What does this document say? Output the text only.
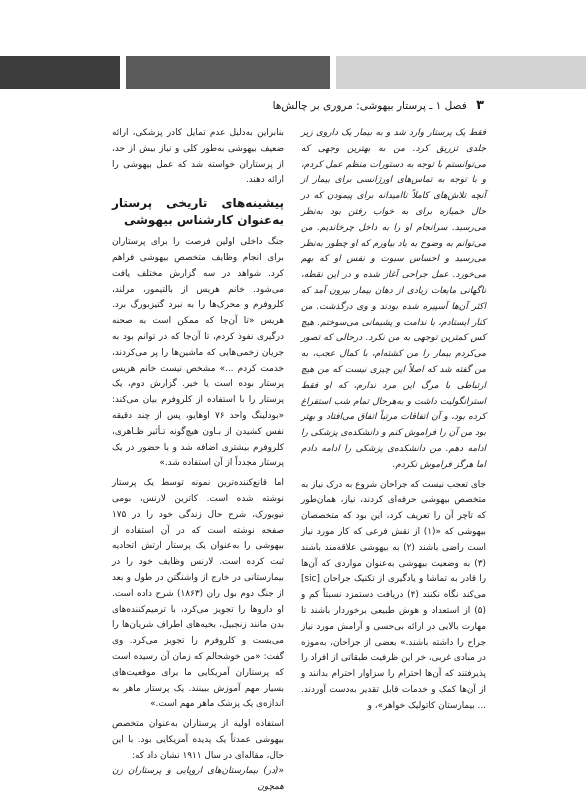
۳ فصل ۱ ـ پرستار بیهوشی: مروری بر چالش‌ها

فقط یک پرستار وارد شد و به بیمار یک داروی زیر جلدی تزریق کرد. من به بهترین وجهی که می‌توانستم با توجه به دستورات منظم عمل کردم، و با توجه به تماس‌های اورژانسی برای بیمار از آنچه تلاش‌های کاملاً ناامیدانه برای پیمودن که در حال خمیازه برای به خواب رفتن بود به‌نظر می‌رسید. سرانجام او را به داخل چرخاندیم. من می‌توانم به وضوح به یاد بیاورم که او چطور به‌نظر می‌رسید و احساس سبوت و نفس او که بهم می‌خورد. عمل جراحی آغاز شده و در این نقطه، ناگهانی مایعات زیادی از دهان بیمار بیرون آمد که اکثر آن‌ها آسپیره شده بودند و وی درگذشت. من کنار ایستادم، با ندامت و پشیمانی می‌سوختم. هیچ کس کمترین توجهی به من نکرد. درحالی که تصور می‌کردم بیمار را من کشته‌ام، با کمال عجب، به من گفته شد که اصلاً این چیزی نیست که من هیچ ارتباطی با مرگ این مرد ندارم، که او فقط استرانگولیت داشت و به‌هرحال تمام شب استفراغ کرده بود، و آن اتفاقات مرتباً اتفاق می‌افتاد و بهتر بود من آن را فراموش کنم و دانشکده‌ی پزشکی را ادامه دهم. من دانشکده‌ی پزشکی را ادامه دادم اما هرگز فراموش نکردم.

جای تعجب نیست که جراحان شروع به درک نیاز به متخصص بیهوشی حرفه‌ای کردند، نیاز، همان‌طور که تاچر آن را تعریف کرد، این بود که متخصصان بیهوشی که «(۱) از نقش فرعی که کار مورد نیاز است راضی باشند (۲) به بیهوشی علاقه‌مند باشند (۳) به وضعیت بیهوشی به‌عنوان مواردی که آن‌ها را قادر به تماشا و یادگیری از تکنیک جراحان [sic] می‌کند نگاه نکنند (۴) دریافت دستمزد نسبتاً کم و (۵) از استعداد و هوش طبیعی برخوردار باشند تا مهارت بالایی در ارائه بی‌حسی و آرامش مورد نیاز جراح را داشته باشند.» بعضی از جراحان، به‌موزه در مبادی غربی، خر این ظرفیت طبقاتی از افراد را پذیرفتند که آن‌ها احترام را سزاوار احترام بدانند و از آن‌ها کمک و خدمات قابل تقدیر به‌دست آوردند. ... بیمارستان کاتولیک خواهر»، و

بنابراین به‌دلیل عدم تمایل کادر پزشکی، ارائه ضعیف بیهوشی به‌طور کلی و نیاز بیش از حد، از پرستاران خواسته شد که عمل بیهوشی را ارائه دهند.

پیشینه‌های تاریخی پرستار به‌عنوان کارشناس بیهوشی

جنگ داخلی اولین فرصت را برای پرستاران برای انجام وظایف متخصص بیهوشی فراهم کرد. شواهد در سه گزارش مختلف یافت می‌شود. خانم هریس از بالتیمور، مرلند، کلروفرم و محرک‌ها را به نبرد گتیزبورگ برد. هریس «تا آن‌جا که ممکن است به صحنه درگیری نفوذ کردم، تا آن‌جا که در توانم بود به جریان زخمی‌هایی که ماشین‌ها را پر می‌کردند، خدمت کردم ...» مشخص نیست خانم هریس پرستار بوده است یا خیر. گزارش دوم، یک پرستار را با استفاده از کلروفرم بیان می‌کند: «بودلینگ واحد ۷۶ اوهایو، پس از چند دقیقه نفس کشیدن از بـاون هیچ‌گونه تـأثیر ظـاهری، کلروفرم بیشتری اضافه شد و با حضور در یک پرستار مجدداً از آن استفاده شد.»

اما قانع‌کننده‌ترین نمونه توسط یک پرستار نوشته شده است. کاترین لارنس، بومی نیویورک، شرح حال زندگی خود را در ۱۷۵ صفحه نوشته است که در آن استفاده از بیهوشی را به‌عنوان یک پرستار ارتش اتحادیه ثبت کرده است. لارنس وظایف خود را در بیمارستانی در خارج از واشنگتن در طول و بعد از جنگ دوم بول ران (۱۸۶۳) شرح داده است. او داروها را تجویز می‌کرد، با ترمیم‌کننده‌های بدن مانند زنجبیل، بخیه‌های اطراف شریان‌ها را می‌بست و کلروفرم را تجویز می‌کرد. وی گفت: «من خوشحالم که زمان آن رسیده است که پرستاران آمریکایی ما برای موقعیت‌های بسیار مهم آموزش ببینند. یک پرستار ماهر به اندازه‌ی یک پزشک ماهر مهم است.»

استفاده اولیه از پرستاران به‌عنوان متخصص بیهوشی عمدتاً یک پدیده آمریکایی بود. با این حال، مقاله‌ای در سال ۱۹۱۱ نشان داد که:
«(در) بیمارستان‌های اروپایی و پرستاران زن همچون
